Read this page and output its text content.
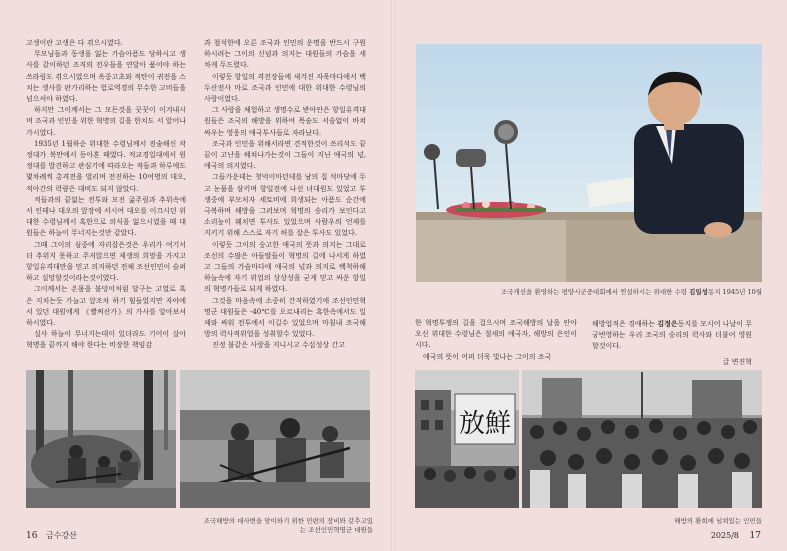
고생이란 고생은 다 겪으시였다.

무모님들과 동생을 잃는 가슴아픔도 당하시고 생사를 같이하던 조직의 전우들을 연달아 품어야 하는 쓰라림도 겪으시였으며 옥중고초와 적탄이 귀전을 스치는 생사를 판가리하는 험로역경의 무수한 고비들을 넘으셔야 하였다.

하지만 그이께서는 그 모든것을 꿋꿋이 이겨내시며 조국과 인민을 위한 혁명의 길을 한치도 서 앞어나가시였다.

1935년 1월하순 위대한 수령님께서 전술해신 작정대가 북만에서 동아혼 때였다. 적교경일대에서 원정대를 발견하고 관심기에 따라오는 적들과 하루에도 몇차례씩 총격전을 벌리며 전진하는 10여명의 대오, 적아간의 력량은 대비도 되지 않았다.

적들과의 끝없는 전투와 모진 굶주림과 추위속에서 인테나 대오의 앞장에 서시여 대오를 이끄시던 위대한 수령님께서 혹한으로 의식을 잃으시였을 때 대원들은 하늘이 무너지는것만 같았다.

그때 그이의 심중에 자리잡은것은 우리가 여기서 더 추위지 못하고 주저앉으면 제생의 희망을 가지고 항일유격대만을 믿고 의지하던 전체 조선인민이 슬퍼하고 실망할것이라는것이였다.

그이께서는 온몸을 불덩이처럼 달구는 고열로 혹은 지치는듯 가늘고 앞조차 하기 힘들었지만 자야에서 있던 대원에게 《빨찌산가》의 가사를 알아보셔 하시였다.

실사 하늘이 무너지는데이 있더라도 기어이 살아 혁명을 끝까지 해야 한다는 비장한 책임감

과 철석한에 오른 조국과 인민의 운명을 반드시 구원하시려는 그이의 신념과 의지는 대원들의 가슴을 세차게 두드렸다.

이렇듯 항일의 격전장들에 새겨진 자욱마다에서 백두산전사 마로 조국과 인민에 대한 위대한 수령님의 사랑이였다.

그 사랑을 체험하고 생명수로 받아안은 항일유격대원들은 조국의 해방을 위하여 목숨도 서슴없이 바쳐싸우는 영웅의 애국투사들로 자라났다.

조국과 인민을 위해서라면 견적한것이 쓰리석도 끝끝이 고난을 헤쳐나가는것이 그들이 지닌 애국의 넋, 애국의 의지였다.

그들가운데는 첫억이마던데를 남의 집 석마당에 두고 눈물을 삼키며 항일전에 나선 녀대원도 있었고 투쟁중에 부모처자 세토비에 희생되는 아픔도 순간에 극복하며 해방을 그러보며 혁명의 승리가 보인다고 소리높이 웨치면 투사도 있었으며 사람우의 언제를 지키기 위해 스스로 자기 허를 잘은 투사도 있었다.

이렇듯 그이의 숭고한 애국의 뜻과 의지는 그대로 조선의 수많은 아들딸들이 혁명의 길에 나서게 하였고 그들의 가슴마다에 애국의 넋과 의지로 백척하해 하늘속에 자기 위업의 상상성을 굳게 믿고 싸운 항일의 혁명가들로 되게 하였다.

그것을 마음속에 소중히 간직하였기에 조선인민혁명군 대원들은 -40℃를 오르내리는 혹한속에서도 일제와 싸워 전투에서 이길수 있었으며 마침내 조국해방의 력사적위업을 성취할수 있었다.

진정 불같은 사랑을 지니시고 수십성상 간고

조국해방의 대사변을 맞이하기 위한 민편의 장비와 갖추고있는 조선인민혁명군 대원들
16 금수강산
조국개선을 환영하는 평양시군중대회에서 연설하시는 위대한 수령 김일성동지 1945년 10월

한 혁명투쟁의 길을 걸으시며 조국해방의 날을 안아오신 위대한 수령님은 절세의 애국자, 해방의 은인이시다.

애국의 뜻이 어퍼 더욱 빛나는 그이의 조국

해방업적은 경애하는 김정은동지를 모시어 나날이 무궁번영하는 우리 조국의 승리의 력사와 더불어 영원할것이다.

글 변진혁

放鮮
해방의 환희에 넘쳐있는 인민들
2025/8 17
